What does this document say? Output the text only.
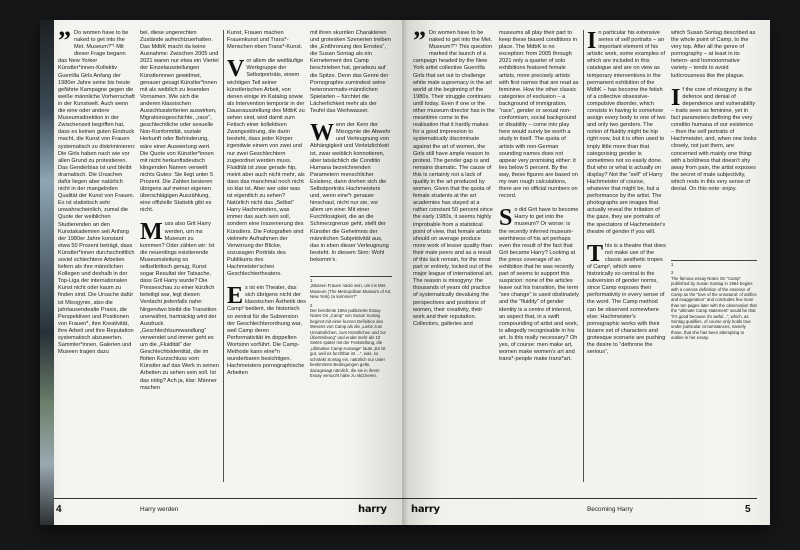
” Do women have to be naked to get into the Met. Museum?”¹ Mit dieser Frage begann das New Yorker Künstler*innen-Kollektiv Guerrilla Girls Anfang der 1980er Jahre seine bis heute gefährte Kampagne gegen die weiße männliche Vorherrschaft in der Kunstwelt. Auch wenn die eine oder andere Museumsdirektion in der Zwischenzeit begriffen hat, dass es keinen guten Eindruck macht, die Kunst von Frauen systematisch zu diskriminieren: Die Girls haben nach wie vor allen Grund zu protestieren. Das Genderbias ist und bleibt dramatisch. Die Ursachen dafür liegen aber natürlich nicht in der mangelnden Qualität der Kunst von Frauen. Es ist statistisch sehr unwahrscheinlich, zumal die Quote der weiblichen Studierenden an den Kunstakademien seit Anfang der 1980er Jahre konstant etwa 50 Prozent beträgt, dass Künstler*innen durchschnittlich soviel schlechtere Arbeiten liefern als ihre männlichen Kollegen und deshalb in der Top-Liga der internationalen Kunst nicht oder kaum zu finden sind. Die Ursache dafür ist Misogynie, also die jahrtausendealte Praxis, die Perspektiven und Positionen von Frauen*, ihre Kreativität, ihre Arbeit und ihre Reputation systematisch abzuwerten. Sammler*innen, Galerien und Museen tragen dazu

bei, diese ungerechten Zustände aufrechtzuerhalten. Das MdbK macht da keine Ausnahme: Zwischen 2005 und 2021 waren nur etwa ein Viertel der Einzelausstellungen Künstlerinnen gewidmet, genauer gesagt Künstler*innen mit als weiblich zu lesenden Vornamen. Wie sich die anderen klassischen Ausschlusskriterien auswirken, Migrationsgeschichte, „race“, geschlechtliche oder sexuelle Non-Konformität, soziale Herkunft oder Behinderung, wäre einer Auswertung wert. Die Quote von Künstler*innen mit nicht herkunftsdeutsch klingenden Namen verweilt nichts Gutes: Sie liegt unter 5 Prozent. Die Zahlen besieren übrigens auf meiner eigenen überschlägigen Auszählung, eine offizielle Statistik gibt es nicht.

Muss also Grit Harry werden, um ins Museum zu kommen? Oder zählen wir: Ist die neuerdings existierende Museumsleitung so selbstkritisch genug, Kunst sogar Resultat der Tatsache, dass Grit Harry wurde? Die Presseschau zu einer kürzlich beteiligt war, legt diesen Verdacht jedenfalls nahe: Nirgendwo bleibt die Transition unerwähnt, hartnäckig wird der Ausdruck „Geschlechtsumwandlung“ verwendet und immer geht es um die „Fluidität“ der Geschlechtsidentität, die im flotten Kurzschluss vom Künstler auf das Werk in seinen Arbeiten zu sehen sein soll. Ist das nötig? Ach ja, klar: Männer machen

Kunst, Frauen machen Frauenkunst und Trans*-Menschen eben Trans*-Kunst.

Vor allem die weitläufige Werkgruppe der Selbstporträts, einem wichtigen Teil seiner künstlerischen Arbeit, von denen einige im Katalog sowie als Intervention temporär in der Dauerausstellung des MdbK zu sehen sind, wird damit zum Fetisch einer kollektiven Zwangsstörung, die darin besteht, dass jeder Körper irgendwie einem von zwei und nur zwei Geschlechtern zugeordnet werden muss. Fluidität ist zwar gerade hip, meint aber auch nicht mehr, als dass das manchmal noch nicht so klar ist. Aber wer oder was ist eigentlich zu sehen? Natürlich nicht das „Selbst“ Harry Hachmeisters, was immer das auch sein soll, sondern eine Inszenierung des Künstlers. Die Fotografien sind vielmehr Aufnahmen der Verwirrung der Blicke, sozusagen Porträts des Publikums des Hachmeister'schen Geschlechtertheaters.

Es ist ein Theater, das sich übrigens nicht der klassischen Ästhetik des Camp² bedient, die historisch so zentral für die Subversion der Geschlechterordnung war, weil Camp deren Performativität im doppelten Wortsinn vorführt. Die Camp-Methode kann eine*n wunderbaren besichtigen. Hachmeisters pornographische Arbeiten

mit ihren skurrilen Charakteren und grotesken Szenerien treiben die „Entthronung des Ernstes“, die Susan Sontag als ein Kernelement des Camp beschrieben hat, geradezu auf die Spitze. Denn das Genre der Pornographie zumindest seine heteronormativ-männlichen Spielarten – fürchtet die Lächerlichkeit mehr als der Teufel das Weihwasser.

Wenn der Kern der Misogynie die Abwehr und Verleugnung von Abhängigkeit und Verletzlichkeit ist, zwar weiblich konnotieren, aber tatsächlich die Conditio Humana bezeichnenden Parametern menschlicher Existenz, dann drehen sich die Selbstporträts Hachmeisters und, wenn eine*r genauer hinschaut, nicht nur sie, vor allem um eine: Mit einer Furchtlosigkeit, die an die Schmerzgrenze geht, stellt der Künstler die Geheimnis der männlichen Subjektivität aus, das in eben dieser Verleugnung besteht. In diesem Sinn: Wohl bekomm's.

1
„Müssen Frauen nackt sein, um ins Met. Museum (The Metropolitan Museum of Art, New York) zu kommen?“
2
Der berühmte 1964 publizierte Essay Notes On „Camp“ von Susan Sontag beginnt mit einer kurzen Definition des Wesens von Camp als die „Liebe zum Unnatürlichen, zum Künstlichen und zur Übertreibung“ und endet mehr als 10 Seiten später mit der Feststellung, die „ultimative Camp-Aussage“ laute „Es ist gut, weil es furchtbar ist ...“, was, so schränkt Sontag ein, natürlich nur unter bestimmten Bedingungen gelte, dazugesagt nämlich, die sie in ihrem Essay versucht habe zu skizzieren.
4	Harry werden	harry

” Do women have to be naked to get into the Met. Museum?”¹ This question marked the launch of a campaign headed by the New York artist collective Guerrilla Girls that set out to challenge white male supremacy in the art world at the beginning of the 1980s. Their struggle continues until today. Even if one or the other museum director has in the meantime come to the realisation that it hardly makes for a good impression to systematically discriminate against the art of women, the Girls still have ample reason to protest. The gender gap is and remains dramatic. The cause of this is certainly not a lack of quality in the art produced by women. Given that the quota of female students at the art academies has stayed at a rather constant 50 percent since the early 1980s, it seems highly improbable from a statistical point of view, that female artists should on average produce more work of lesser quality than their male peers and as a result of this lack remain, for the most part or entirely, locked out of the major league of international art. The reason is misogyny: the thousands of years old practice of systematically devaluing the perspectives and positions of women, their creativity, their work and their reputation. Collectors, galleries and

museums all play their part to keep these biased conditions in place. The MdbK is no exception: from 2005 through 2021 only a quarter of solo exhibitions featured female artists, more precisely artists with first names that are read as feminine. How the other classic categories of exclusion – a background of immigration, “race”, gender or sexual non-conformism, social background or disability – come into play here would surely be worth a study in itself. The quota of artists with non-German sounding names does not appear very promising either: it lies below 5 percent. By the way, these figures are based on my own rough calculations, there are no official numbers on record.

So did Grit have to become Harry to get into the museum? Or worse: is the recently inferred museum-worthiness of his art perhaps even the result of the fact that Grit became Harry? Looking at the press coverage of an exhibition that he was recently part of seems to support this suspicion: none of the articles leave out his transition, the term “sex change” is used obstinately and the “fluidity” of gender identity is a centre of interest, an aspect that, in a swift compounding of artist and work, is allegedly recognisable in his art. Is this really necessary? Oh yes, of course: men make art, women make women's art and trans*-people make trans*art.

In particular his extensive series of self portraits – an important element of his artistic work, some examples of which are included in this catalogue and are on view as temporary interventions in the permanent exhibition of the MdbK – has become the fetish of a collective obsessive-compulsive disorder, which consists in having to somehow assign every body to one of two and only two genders. The notion of fluidity might be hip right now, but it is often used to imply little more than that categorising gender is sometimes not so easily done. But who or what is actually on display? Not the “self” of Harry Hachmeister of course, whatever that might be, but a performance by the artist. The photographs are images that actually reveal the irritation of the gaze, they are portraits of the spectators of Hachmeister's theatre of gender if you will.

This is a theatre that does not make use of the classic aesthetic tropes of Camp², which were historically so central to the subversion of gender norms, since Camp exposes their performativity in every sense of the word. The Camp method can be observed somewhere else: Hachmeister's pornographic works with their bizarre set of characters and grotesque scenarie are pushing the desire to “dethrone the serious”,

which Susan Sontag described as the whole point of Camp, to the very top. After all the genre of pornography – at least in its hetero- and homonormative variety – tends to avoid ludicrousness like the plague.

If the core of misogyny is the defence and denial of dependence and vulnerability – traits seen as feminine, yet in fact parameters defining the very conditio humana of our existence – then the self portraits of Hachmeister, and, when one looks closely, not just them, are concerned with mainly one thing: with a boldness that doesn't shy away from pain, the artist exposes the secret of male subjectivity, which rests in this very sense of denial. On this note: enjoy.

1
2
The famous essay Notes On “Camp” published by Susan Sontag in 1964 begins with a concise definition of the essence of Camp as the “love of the unnatural: of artifice and exaggeration” and concludes few more than ten pages later with the observation that the “ultimate Camp statement” would be that “it's good because it's awful...”, which, as Sontag qualifies, of course only holds true under particular circumstances, namely those, that she has been attempting to outline in her essay.
harry	Becoming Harry	5
